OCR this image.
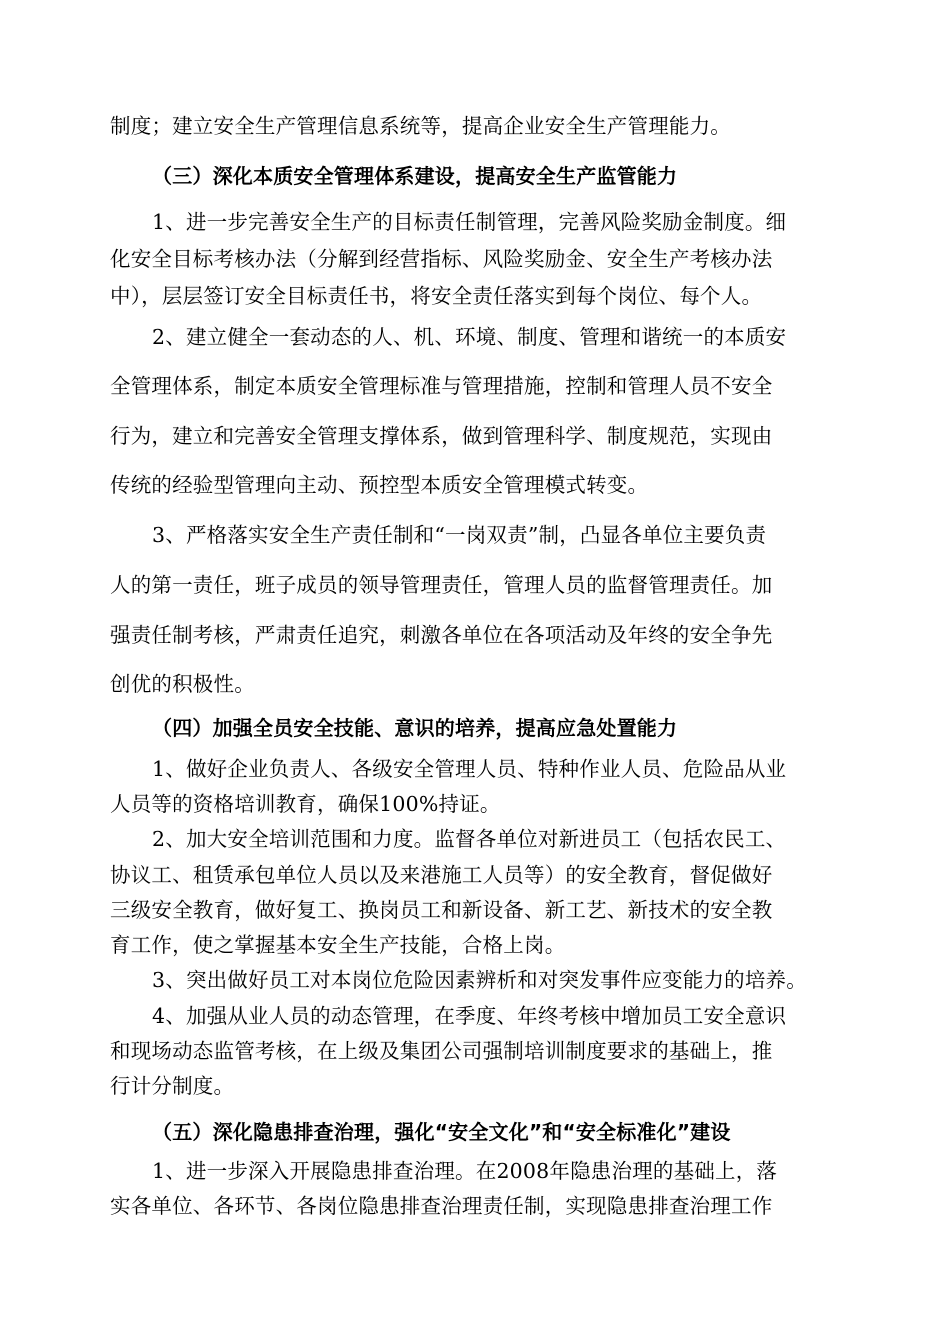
制度；建立安全生产管理信息系统等，提高企业安全生产管理能力。
（三）深化本质安全管理体系建设，提高安全生产监管能力
1、进一步完善安全生产的目标责任制管理，完善风险奖励金制度。细
化安全目标考核办法（分解到经营指标、风险奖励金、安全生产考核办法
中），层层签订安全目标责任书，将安全责任落实到每个岗位、每个人。
2、建立健全一套动态的人、机、环境、制度、管理和谐统一的本质安
全管理体系，制定本质安全管理标准与管理措施，控制和管理人员不安全
行为，建立和完善安全管理支撑体系，做到管理科学、制度规范，实现由
传统的经验型管理向主动、预控型本质安全管理模式转变。
3、严格落实安全生产责任制和“一岗双责”制，凸显各单位主要负责
人的第一责任，班子成员的领导管理责任，管理人员的监督管理责任。加
强责任制考核，严肃责任追究，刺激各单位在各项活动及年终的安全争先
创优的积极性。
（四）加强全员安全技能、意识的培养，提高应急处置能力
1、做好企业负责人、各级安全管理人员、特种作业人员、危险品从业
人员等的资格培训教育，确保100%持证。
2、加大安全培训范围和力度。监督各单位对新进员工（包括农民工、
协议工、租赁承包单位人员以及来港施工人员等）的安全教育，督促做好
三级安全教育，做好复工、换岗员工和新设备、新工艺、新技术的安全教
育工作，使之掌握基本安全生产技能，合格上岗。
3、突出做好员工对本岗位危险因素辨析和对突发事件应变能力的培养。
4、加强从业人员的动态管理，在季度、年终考核中增加员工安全意识
和现场动态监管考核，在上级及集团公司强制培训制度要求的基础上，推
行计分制度。
（五）深化隐患排查治理，强化“安全文化”和“安全标准化”建设
1、进一步深入开展隐患排查治理。在2008年隐患治理的基础上，落
实各单位、各环节、各岗位隐患排查治理责任制，实现隐患排查治理工作
